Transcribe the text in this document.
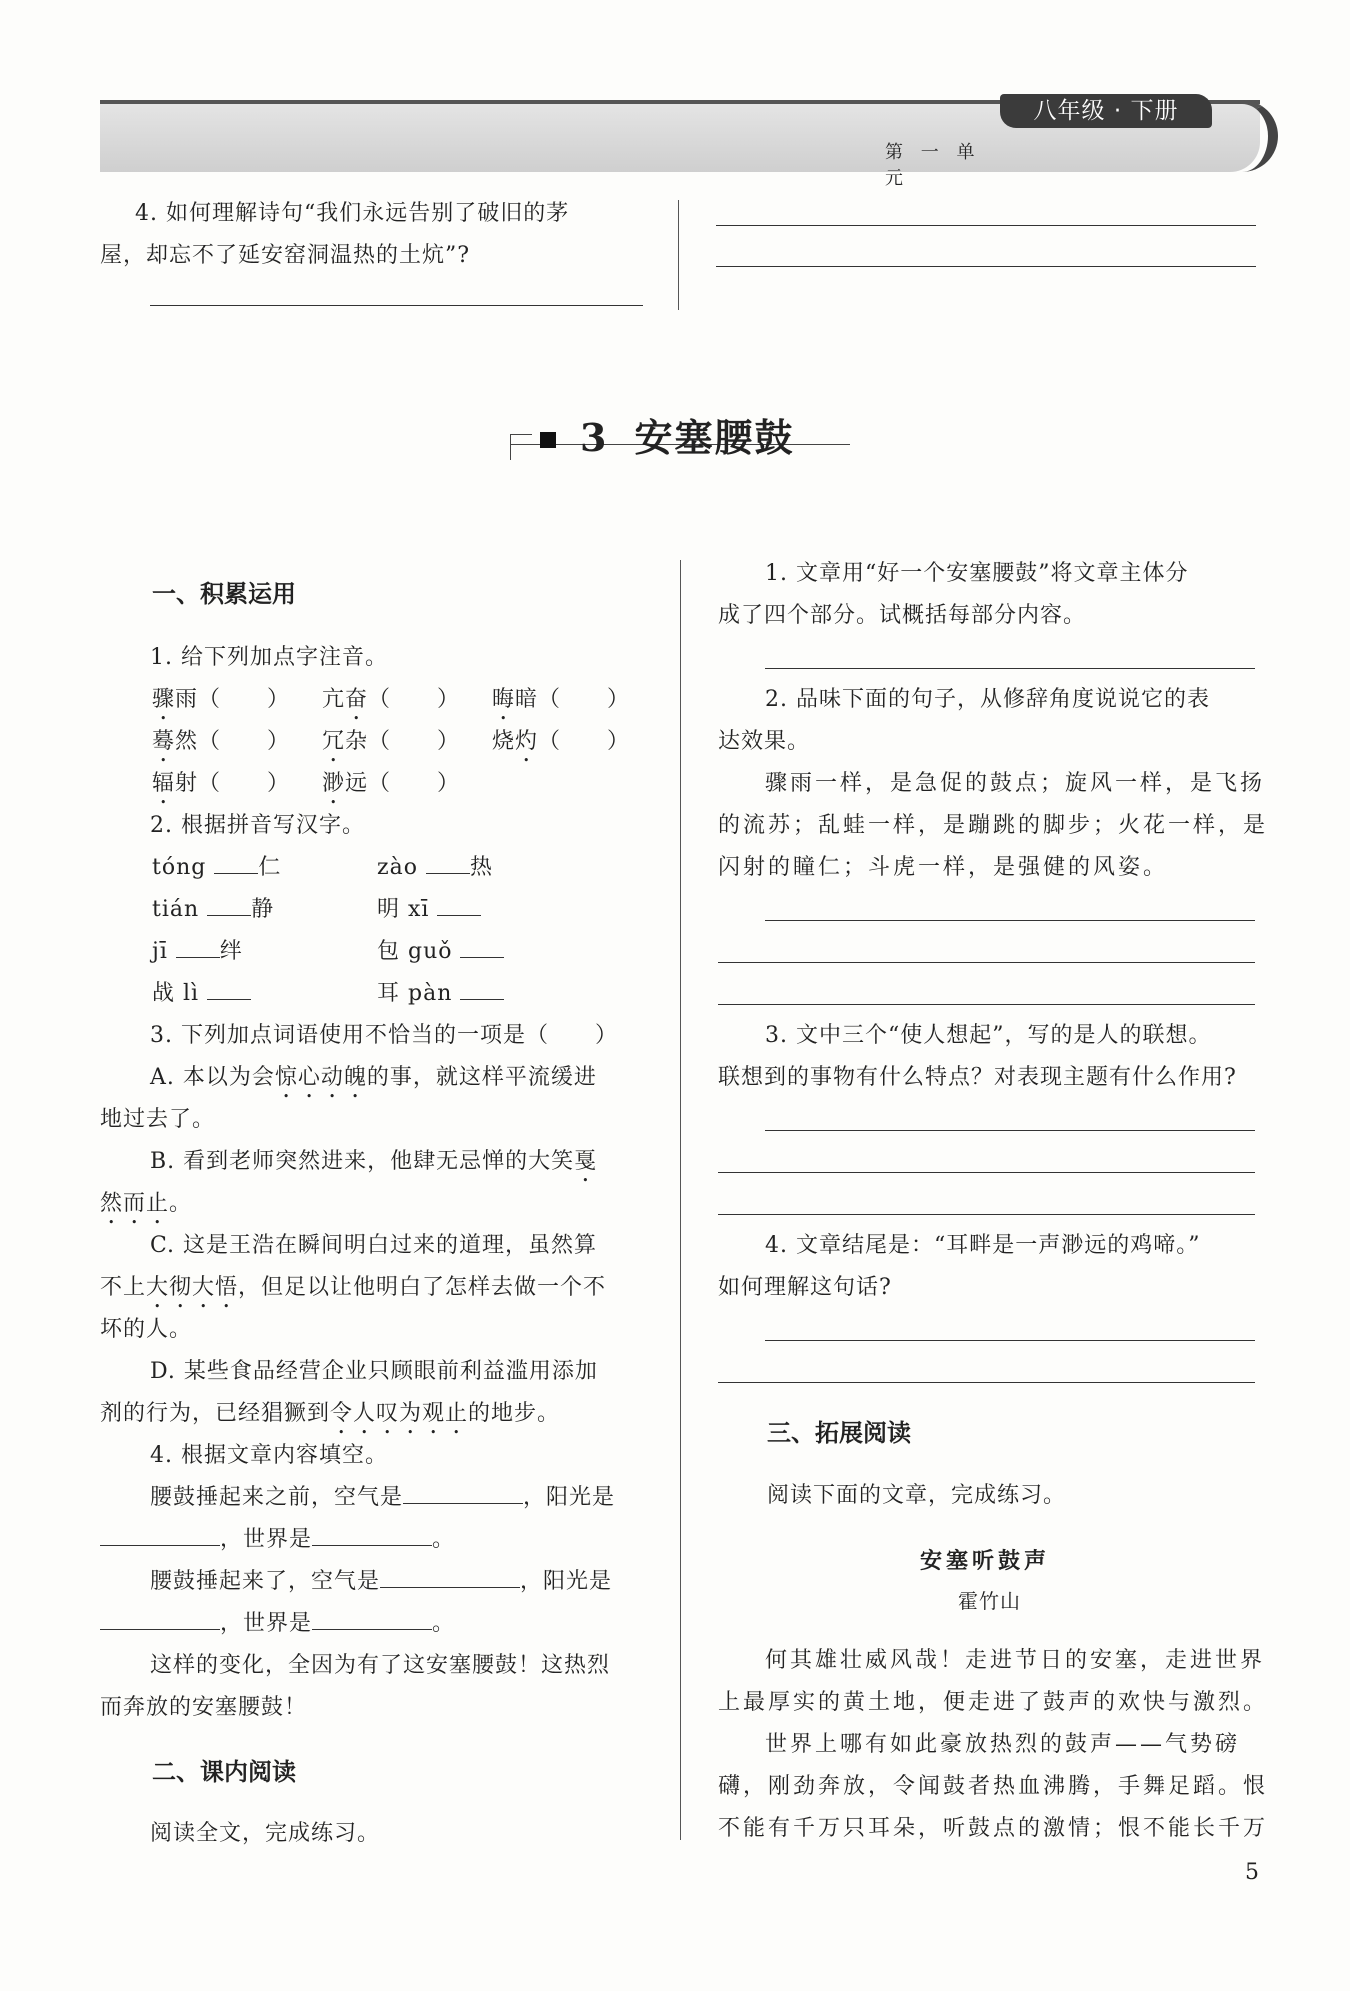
八年级 · 下册
第 一 单 元
4. 如何理解诗句“我们永远告别了破旧的茅
屋，却忘不了延安窑洞温热的土炕”?
3 安塞腰鼓
一、积累运用
1. 给下列加点字注音。
骤雨（　　） 亢奋（　　） 晦暗（　　）
蓦然（　　） 冗杂（　　） 烧灼（　　）
辐射（　　） 渺远（　　）
2. 根据拼音写汉字。
tóng 仁	zào 热
tián 静	明 xī
jī 绊	包 guǒ
战 lì	耳 pàn
3. 下列加点词语使用不恰当的一项是（　　）
A. 本以为会惊心动魄的事，就这样平流缓进
地过去了。
B. 看到老师突然进来，他肆无忌惮的大笑戛
然而止。
C. 这是王浩在瞬间明白过来的道理，虽然算
不上大彻大悟，但足以让他明白了怎样去做一个不
坏的人。
D. 某些食品经营企业只顾眼前利益滥用添加
剂的行为，已经猖獗到令人叹为观止的地步。
4. 根据文章内容填空。
腰鼓捶起来之前，空气是	，阳光是
，世界是	。
腰鼓捶起来了，空气是	，阳光是
，世界是	。
这样的变化，全因为有了这安塞腰鼓！这热烈
而奔放的安塞腰鼓！
二、课内阅读
阅读全文，完成练习。
1. 文章用“好一个安塞腰鼓”将文章主体分
成了四个部分。试概括每部分内容。
2. 品味下面的句子，从修辞角度说说它的表
达效果。
骤雨一样，是急促的鼓点；旋风一样，是飞扬
的流苏；乱蛙一样，是蹦跳的脚步；火花一样，是
闪射的瞳仁；斗虎一样，是强健的风姿。
3. 文中三个“使人想起”，写的是人的联想。
联想到的事物有什么特点？对表现主题有什么作用?
4. 文章结尾是：“耳畔是一声渺远的鸡啼。”
如何理解这句话?
三、拓展阅读
阅读下面的文章，完成练习。
安塞听鼓声
霍竹山
何其雄壮威风哉！走进节日的安塞，走进世界
上最厚实的黄土地，便走进了鼓声的欢快与激烈。
世界上哪有如此豪放热烈的鼓声——气势磅
礴，刚劲奔放，令闻鼓者热血沸腾，手舞足蹈。恨
不能有千万只耳朵，听鼓点的激情；恨不能长千万
5
